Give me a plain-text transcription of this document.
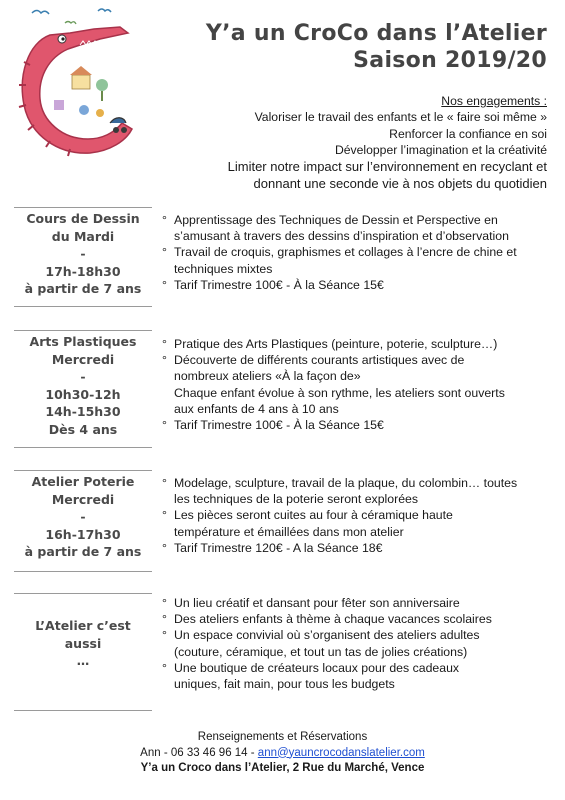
Y’a un CroCo dans l’Atelier
Saison 2019/20
Nos engagements :
Valoriser le travail des enfants et le « faire soi même »
Renforcer la confiance en soi
Développer l’imagination et la créativité
Limiter notre impact sur l’environnement en recyclant et
donnant une seconde vie à nos objets du quotidien
Cours de Dessin
du Mardi
-
17h-18h30
à partir de 7 ans
° Apprentissage des Techniques de Dessin et Perspective en
s’amusant à travers des dessins d’inspiration et d’observation
° Travail de croquis, graphismes et collages à l’encre de chine et
techniques mixtes
° Tarif Trimestre 100€ - À la Séance 15€
Arts Plastiques
Mercredi
-
10h30-12h
14h-15h30
Dès 4 ans
° Pratique des Arts Plastiques (peinture, poterie, sculpture…)
° Découverte de différents courants artistiques avec de
nombreux ateliers «À la façon de»
Chaque enfant évolue à son rythme, les ateliers sont ouverts
aux enfants de 4 ans à 10 ans
° Tarif Trimestre 100€ - À la Séance 15€
Atelier Poterie
Mercredi
-
16h-17h30
à partir de 7 ans
° Modelage, sculpture, travail de la plaque, du colombin… toutes
les techniques de la poterie seront explorées
° Les pièces seront cuites au four à céramique haute
température et émaillées dans mon atelier
° Tarif Trimestre 120€ - A la Séance 18€
L’Atelier c’est
aussi
…
° Un lieu créatif et dansant pour fêter son anniversaire
° Des ateliers enfants à thème à chaque vacances scolaires
° Un espace convivial où s’organisent des ateliers adultes
(couture, céramique, et tout un tas de jolies créations)
° Une boutique de créateurs locaux pour des cadeaux
uniques, fait main, pour tous les budgets
Renseignements et Réservations
Ann - 06 33 46 96 14 - ann@yauncrocodanslatelier.com
Y’a un Croco dans l’Atelier, 2 Rue du Marché, Vence
